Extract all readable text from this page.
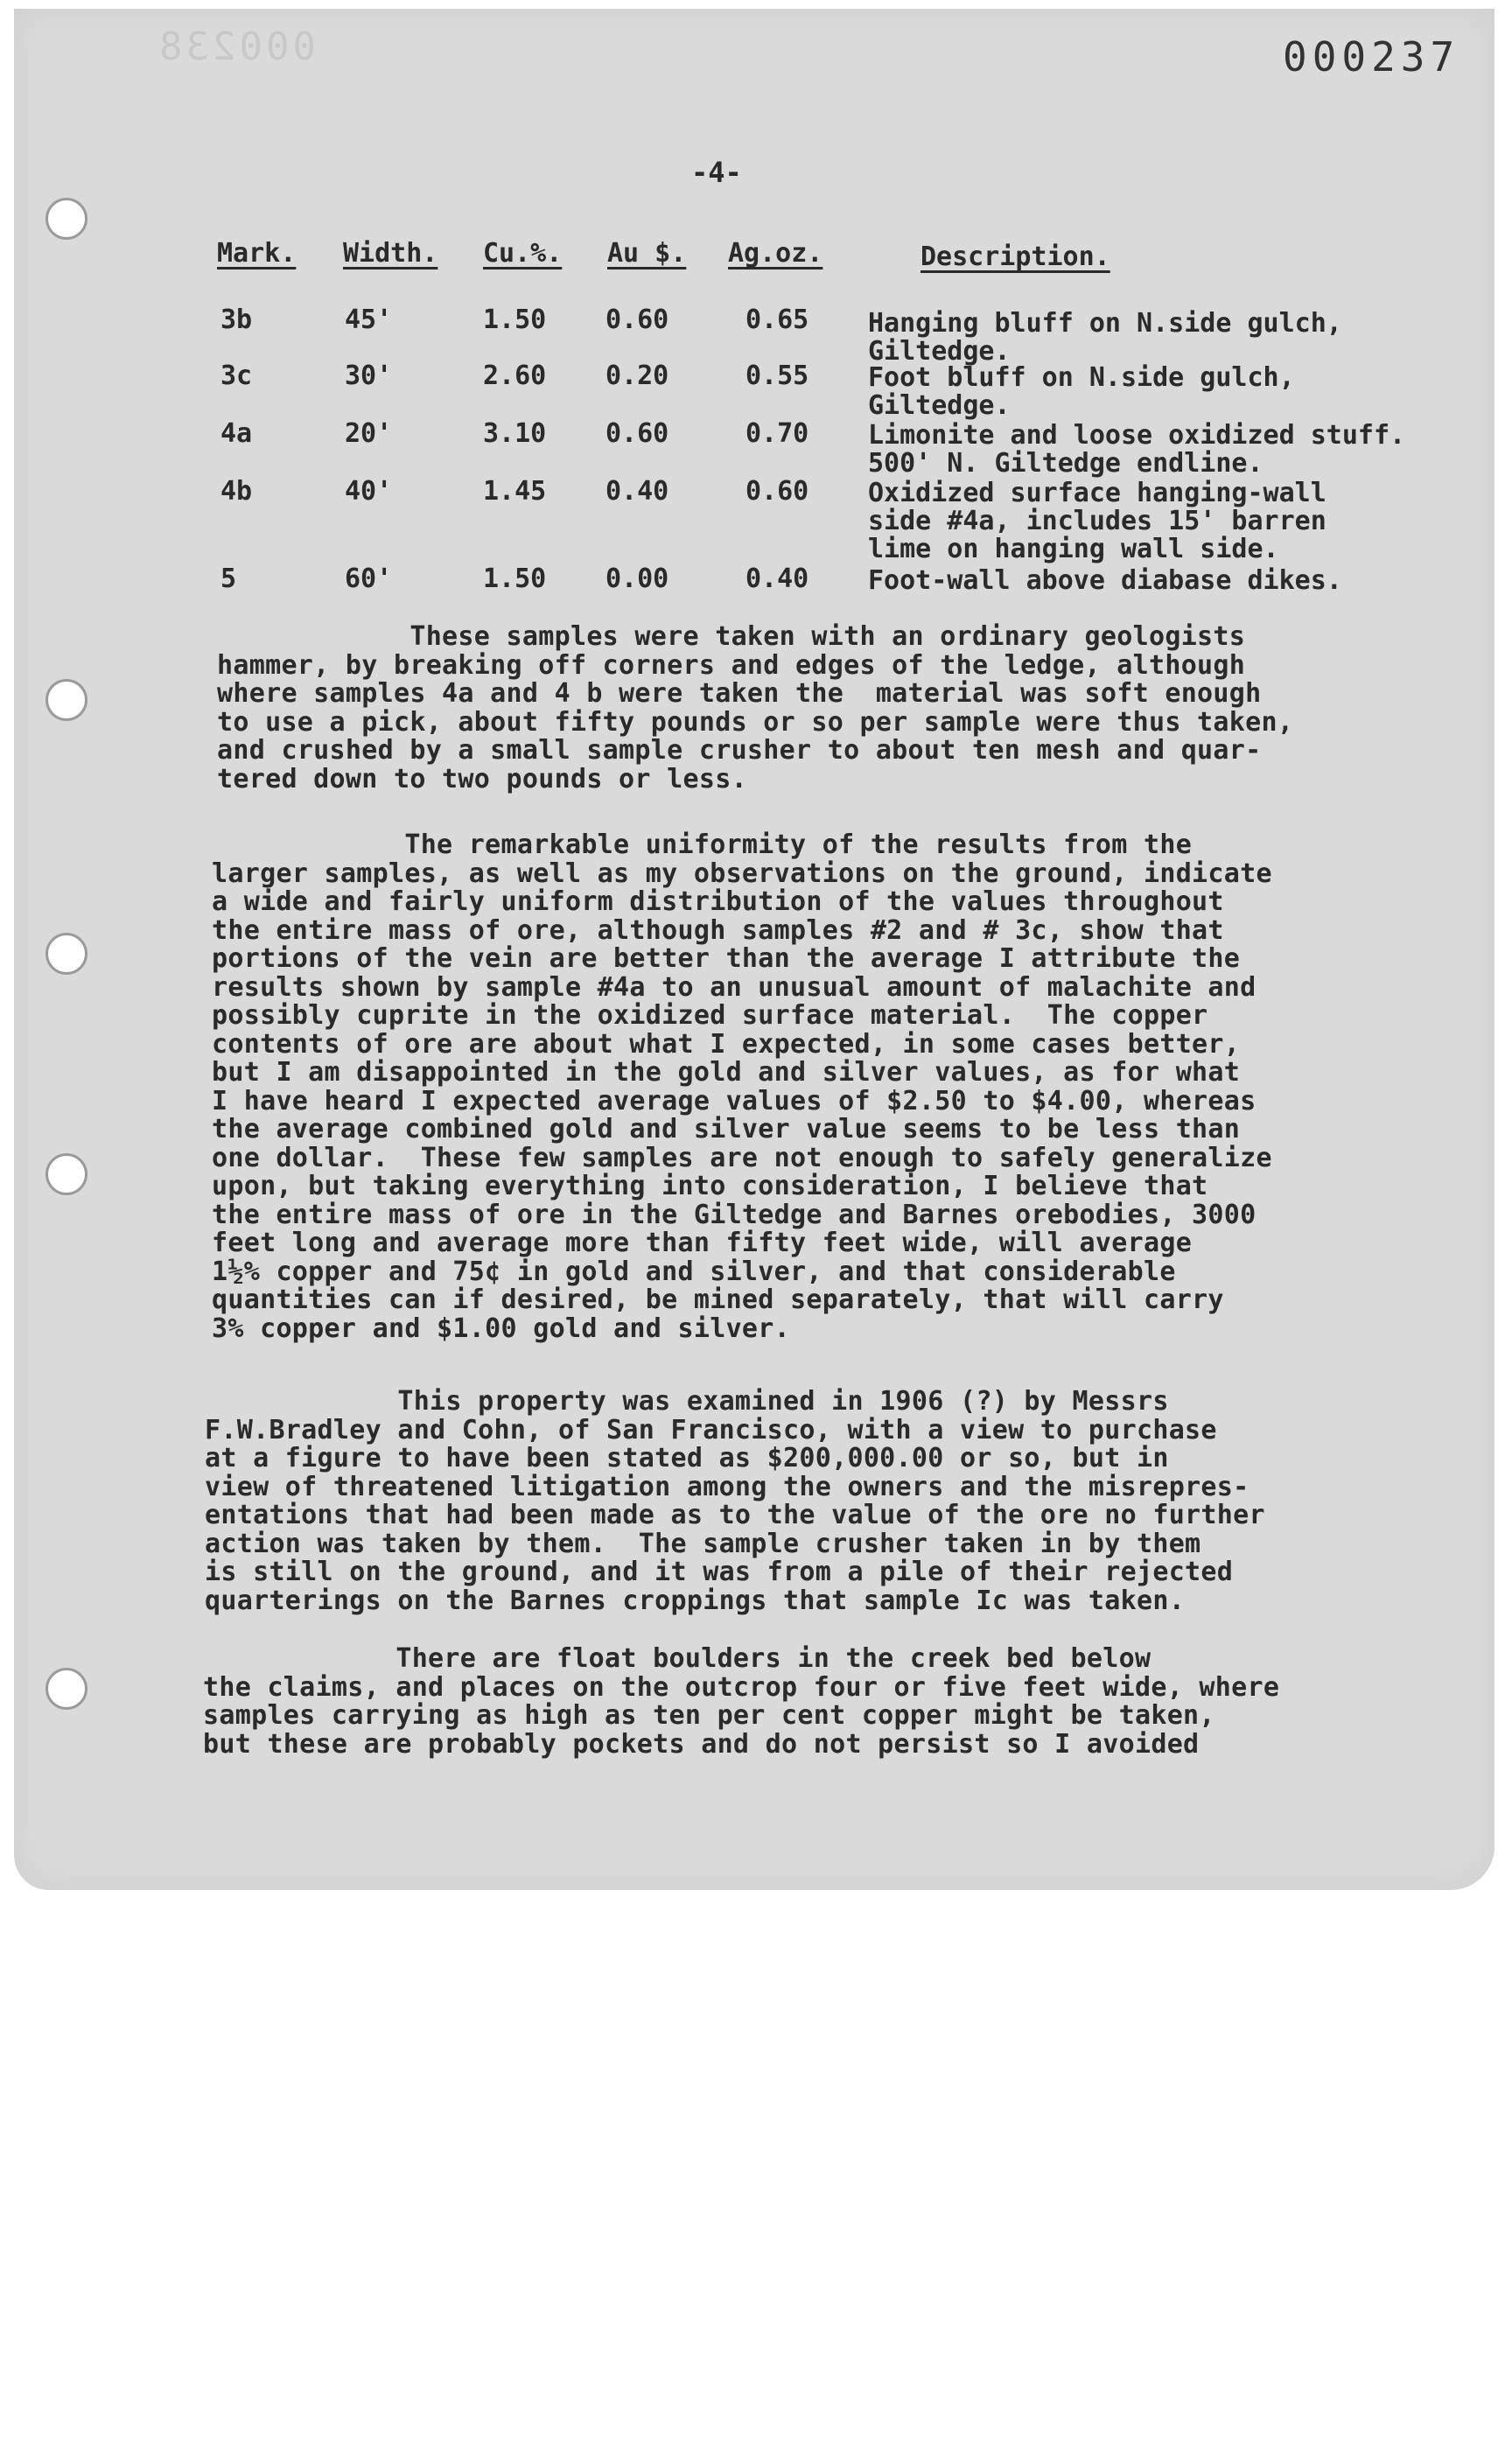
000238	000237
-4-
Mark. Width. Cu.%. Au $. Ag.oz.	Description.
3b	45'	1.50 0.60	0.65 Hanging bluff on N.side gulch,
Giltedge.
3c	30'	2.60 0.20	0.55 Foot bluff on N.side gulch,
Giltedge.
4a	20'	3.10 0.60	0.70 Limonite and loose oxidized stuff.
500' N. Giltedge endline.
4b	40'	1.45 0.40	0.60 Oxidized surface hanging-wall
side #4a, includes 15' barren
lime on hanging wall side.
5	60'	1.50 0.00	0.40 Foot-wall above diabase dikes.
These samples were taken with an ordinary geologists
hammer, by breaking off corners and edges of the ledge, although
where samples 4a and 4 b were taken the  material was soft enough
to use a pick, about fifty pounds or so per sample were thus taken,
and crushed by a small sample crusher to about ten mesh and quar-
tered down to two pounds or less.
The remarkable uniformity of the results from the
larger samples, as well as my observations on the ground, indicate
a wide and fairly uniform distribution of the values throughout
the entire mass of ore, although samples #2 and # 3c, show that
portions of the vein are better than the average I attribute the
results shown by sample #4a to an unusual amount of malachite and
possibly cuprite in the oxidized surface material.  The copper
contents of ore are about what I expected, in some cases better,
but I am disappointed in the gold and silver values, as for what
I have heard I expected average values of $2.50 to $4.00, whereas
the average combined gold and silver value seems to be less than
one dollar.  These few samples are not enough to safely generalize
upon, but taking everything into consideration, I believe that
the entire mass of ore in the Giltedge and Barnes orebodies, 3000
feet long and average more than fifty feet wide, will average
1½% copper and 75¢ in gold and silver, and that considerable
quantities can if desired, be mined separately, that will carry
3% copper and $1.00 gold and silver.
This property was examined in 1906 (?) by Messrs
F.W.Bradley and Cohn, of San Francisco, with a view to purchase
at a figure to have been stated as $200,000.00 or so, but in
view of threatened litigation among the owners and the misrepres-
entations that had been made as to the value of the ore no further
action was taken by them.  The sample crusher taken in by them
is still on the ground, and it was from a pile of their rejected
quarterings on the Barnes croppings that sample Ic was taken.
There are float boulders in the creek bed below
the claims, and places on the outcrop four or five feet wide, where
samples carrying as high as ten per cent copper might be taken,
but these are probably pockets and do not persist so I avoided
